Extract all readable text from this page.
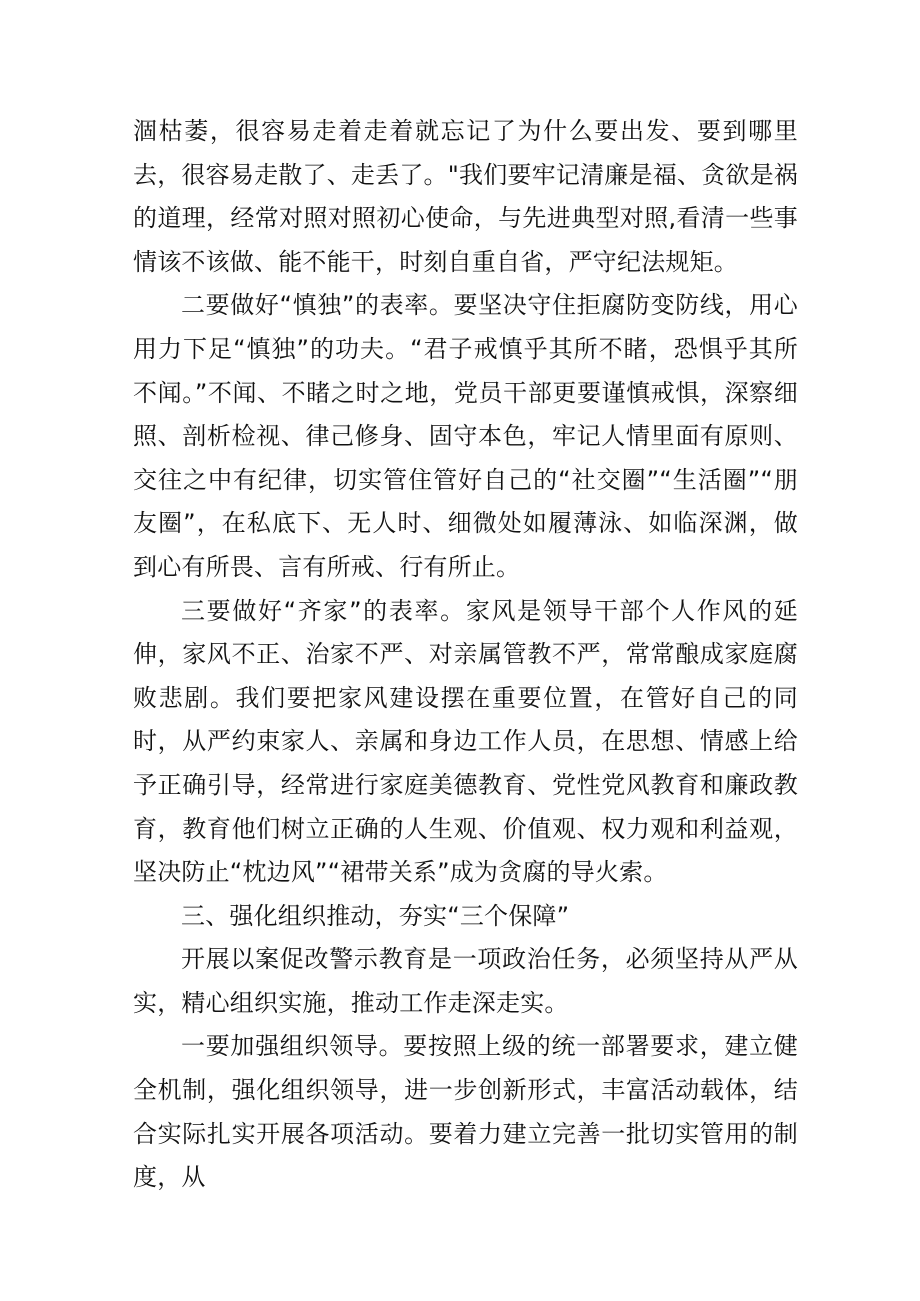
涸枯萎，很容易走着走着就忘记了为什么要出发、要到哪里去，很容易走散了、走丢了。"我们要牢记清廉是福、贪欲是祸的道理，经常对照对照初心使命，与先进典型对照,看清一些事情该不该做、能不能干，时刻自重自省，严守纪法规矩。

二要做好“慎独”的表率。要坚决守住拒腐防变防线，用心用力下足“慎独”的功夫。“君子戒慎乎其所不睹，恐惧乎其所不闻。”不闻、不睹之时之地，党员干部更要谨慎戒惧，深察细照、剖析检视、律己修身、固守本色，牢记人情里面有原则、交往之中有纪律，切实管住管好自己的“社交圈”“生活圈”“朋友圈”，在私底下、无人时、细微处如履薄泳、如临深渊，做到心有所畏、言有所戒、行有所止。

三要做好“齐家”的表率。家风是领导干部个人作风的延伸，家风不正、治家不严、对亲属管教不严，常常酿成家庭腐败悲剧。我们要把家风建设摆在重要位置，在管好自己的同时，从严约束家人、亲属和身边工作人员，在思想、情感上给予正确引导，经常进行家庭美德教育、党性党风教育和廉政教育，教育他们树立正确的人生观、价值观、权力观和利益观，坚决防止“枕边风”“裙带关系”成为贪腐的导火索。

三、强化组织推动，夯实“三个保障”

开展以案促改警示教育是一项政治任务，必须坚持从严从实，精心组织实施，推动工作走深走实。

一要加强组织领导。要按照上级的统一部署要求，建立健全机制，强化组织领导，进一步创新形式，丰富活动载体，结合实际扎实开展各项活动。要着力建立完善一批切实管用的制度，从
